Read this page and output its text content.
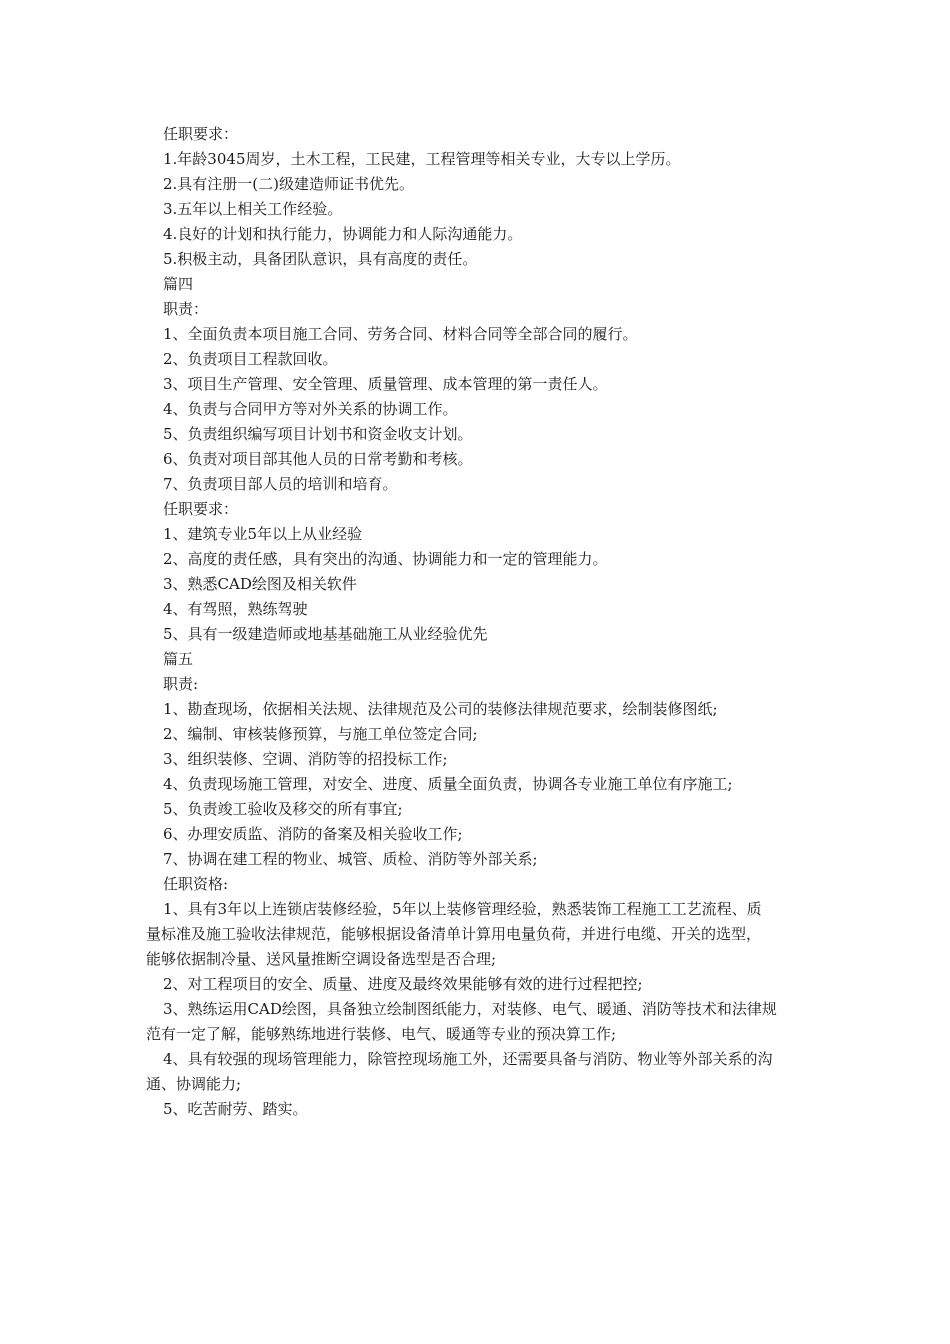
任职要求：
1.年龄3045周岁，土木工程，工民建，工程管理等相关专业，大专以上学历。
2.具有注册一(二)级建造师证书优先。
3.五年以上相关工作经验。
4.良好的计划和执行能力，协调能力和人际沟通能力。
5.积极主动，具备团队意识，具有高度的责任。
篇四
职责：
1、全面负责本项目施工合同、劳务合同、材料合同等全部合同的履行。
2、负责项目工程款回收。
3、项目生产管理、安全管理、质量管理、成本管理的第一责任人。
4、负责与合同甲方等对外关系的协调工作。
5、负责组织编写项目计划书和资金收支计划。
6、负责对项目部其他人员的日常考勤和考核。
7、负责项目部人员的培训和培育。
任职要求：
1、建筑专业5年以上从业经验
2、高度的责任感，具有突出的沟通、协调能力和一定的管理能力。
3、熟悉CAD绘图及相关软件
4、有驾照，熟练驾驶
5、具有一级建造师或地基基础施工从业经验优先
篇五
职责:
1、勘查现场，依据相关法规、法律规范及公司的装修法律规范要求，绘制装修图纸;
2、编制、审核装修预算，与施工单位签定合同;
3、组织装修、空调、消防等的招投标工作;
4、负责现场施工管理，对安全、进度、质量全面负责，协调各专业施工单位有序施工;
5、负责竣工验收及移交的所有事宜;
6、办理安质监、消防的备案及相关验收工作;
7、协调在建工程的物业、城管、质检、消防等外部关系;
任职资格:
1、具有3年以上连锁店装修经验，5年以上装修管理经验，熟悉装饰工程施工工艺流程、质
量标准及施工验收法律规范，能够根据设备清单计算用电量负荷，并进行电缆、开关的选型，
能够依据制冷量、送风量推断空调设备选型是否合理;
2、对工程项目的安全、质量、进度及最终效果能够有效的进行过程把控;
3、熟练运用CAD绘图，具备独立绘制图纸能力，对装修、电气、暖通、消防等技术和法律规
范有一定了解，能够熟练地进行装修、电气、暖通等专业的预决算工作;
4、具有较强的现场管理能力，除管控现场施工外，还需要具备与消防、物业等外部关系的沟
通、协调能力;
5、吃苦耐劳、踏实。
